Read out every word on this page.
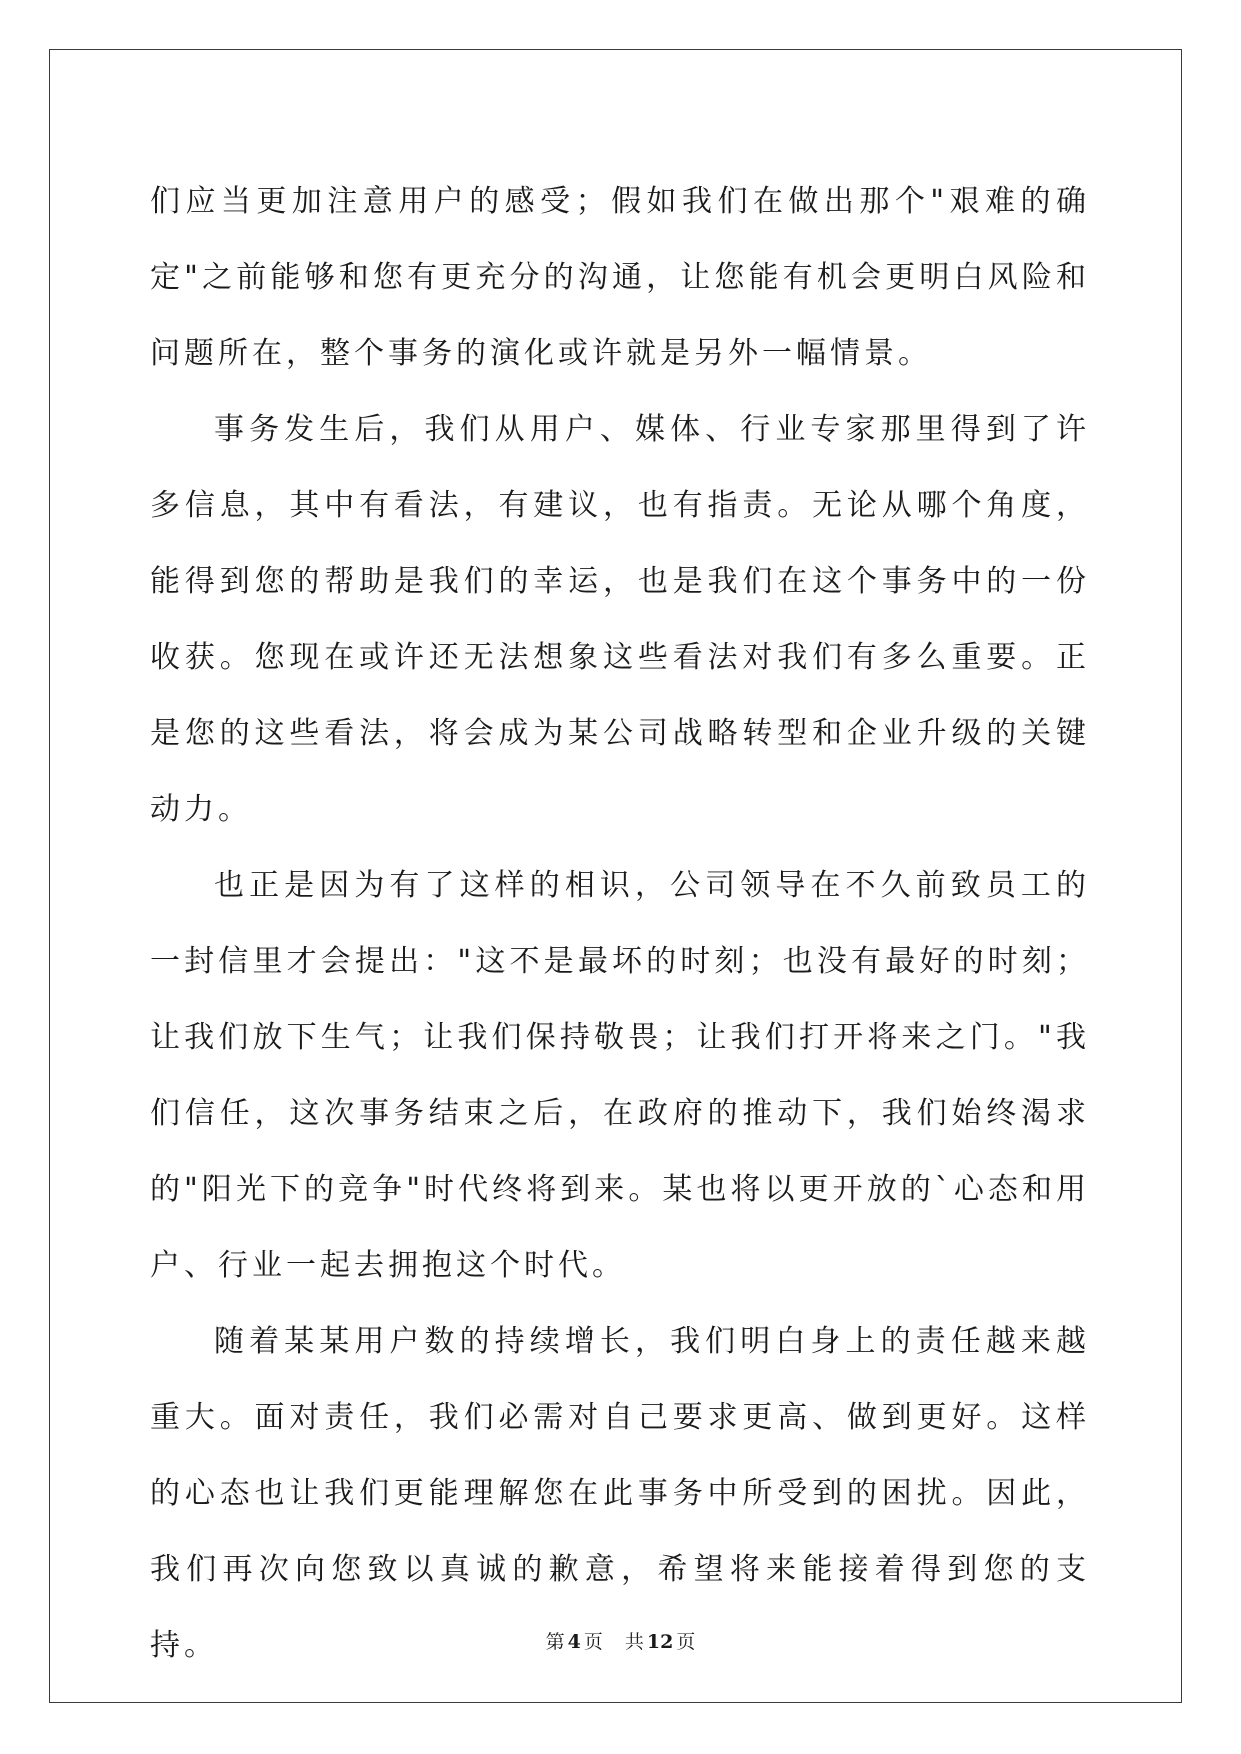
们应当更加注意用户的感受；假如我们在做出那个"艰难的确定"之前能够和您有更充分的沟通，让您能有机会更明白风险和问题所在，整个事务的演化或许就是另外一幅情景。

事务发生后，我们从用户、媒体、行业专家那里得到了许多信息，其中有看法，有建议，也有指责。无论从哪个角度，能得到您的帮助是我们的幸运，也是我们在这个事务中的一份收获。您现在或许还无法想象这些看法对我们有多么重要。正是您的这些看法，将会成为某公司战略转型和企业升级的关键动力。

也正是因为有了这样的相识，公司领导在不久前致员工的一封信里才会提出："这不是最坏的时刻；也没有最好的时刻；让我们放下生气；让我们保持敬畏；让我们打开将来之门。"我们信任，这次事务结束之后，在政府的推动下，我们始终渴求的"阳光下的竞争"时代终将到来。某也将以更开放的`心态和用户、行业一起去拥抱这个时代。

随着某某用户数的持续增长，我们明白身上的责任越来越重大。面对责任，我们必需对自己要求更高、做到更好。这样的心态也让我们更能理解您在此事务中所受到的困扰。因此，我们再次向您致以真诚的歉意，希望将来能接着得到您的支持。	第 4 页 共 12 页
